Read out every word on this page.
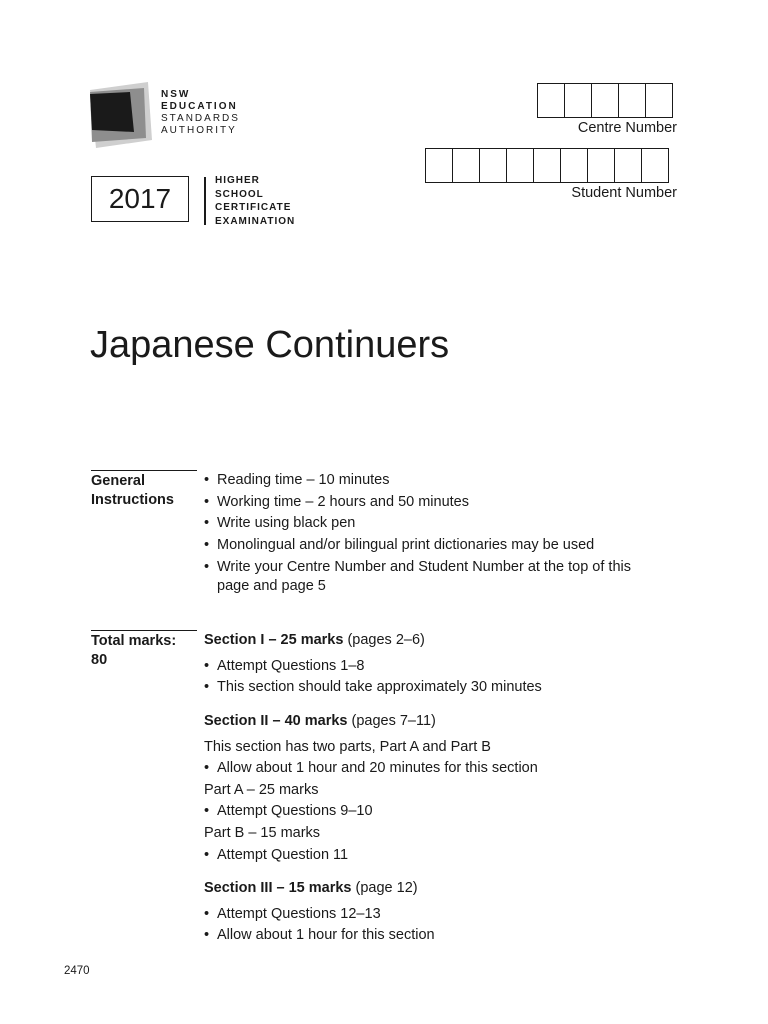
NSW
EDUCATION
STANDARDS
AUTHORITY
2017
HIGHER
SCHOOL
CERTIFICATE
EXAMINATION
Centre Number
Student Number
Japanese Continuers
General
Instructions
• Reading time – 10 minutes
• Working time – 2 hours and 50 minutes
• Write using black pen
• Monolingual and/or bilingual print dictionaries may be used
• Write your Centre Number and Student Number at the top of this page and page 5
Total marks:
80
Section I – 25 marks (pages 2–6)
• Attempt Questions 1–8
• This section should take approximately 30 minutes
Section II – 40 marks (pages 7–11)
This section has two parts, Part A and Part B
• Allow about 1 hour and 20 minutes for this section
Part A – 25 marks
• Attempt Questions 9–10
Part B – 15 marks
• Attempt Question 11
Section III – 15 marks (page 12)
• Attempt Questions 12–13
• Allow about 1 hour for this section
2470
